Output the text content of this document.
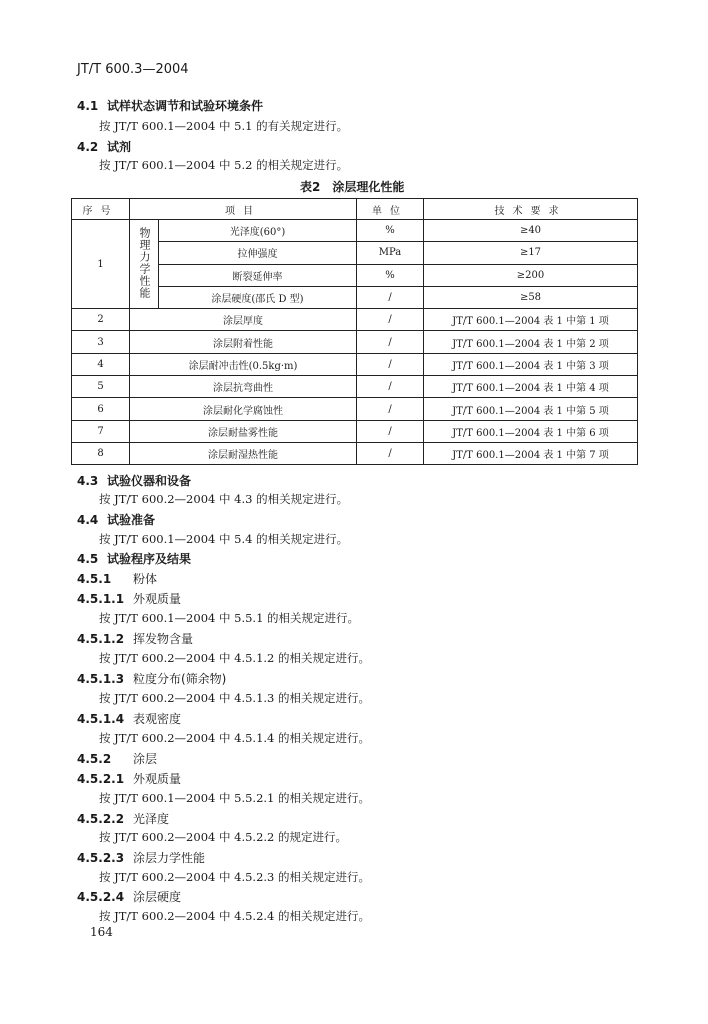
JT/T 600.3—2004
4.1 试样状态调节和试验环境条件
按 JT/T 600.1—2004 中 5.1 的有关规定进行。
4.2 试剂
按 JT/T 600.1—2004 中 5.2 的相关规定进行。
表2　涂层理化性能
序号	项目		单位	技术要求
1	物理力学性能	光泽度(60°)	%	≥40
		拉伸强度	MPa	≥17
		断裂延伸率	%	≥200
		涂层硬度(邵氏 D 型)	/	≥58
2	涂层厚度		/	JT/T 600.1—2004 表 1 中第 1 项
3	涂层附着性能		/	JT/T 600.1—2004 表 1 中第 2 项
4	涂层耐冲击性(0.5kg·m)		/	JT/T 600.1—2004 表 1 中第 3 项
5	涂层抗弯曲性		/	JT/T 600.1—2004 表 1 中第 4 项
6	涂层耐化学腐蚀性		/	JT/T 600.1—2004 表 1 中第 5 项
7	涂层耐盐雾性能		/	JT/T 600.1—2004 表 1 中第 6 项
8	涂层耐湿热性能		/	JT/T 600.1—2004 表 1 中第 7 项
4.3 试验仪器和设备
按 JT/T 600.2—2004 中 4.3 的相关规定进行。
4.4 试验准备
按 JT/T 600.1—2004 中 5.4 的相关规定进行。
4.5 试验程序及结果
4.5.1 粉体
4.5.1.1 外观质量
按 JT/T 600.1—2004 中 5.5.1 的相关规定进行。
4.5.1.2 挥发物含量
按 JT/T 600.2—2004 中 4.5.1.2 的相关规定进行。
4.5.1.3 粒度分布(筛余物)
按 JT/T 600.2—2004 中 4.5.1.3 的相关规定进行。
4.5.1.4 表观密度
按 JT/T 600.2—2004 中 4.5.1.4 的相关规定进行。
4.5.2 涂层
4.5.2.1 外观质量
按 JT/T 600.1—2004 中 5.5.2.1 的相关规定进行。
4.5.2.2 光泽度
按 JT/T 600.2—2004 中 4.5.2.2 的规定进行。
4.5.2.3 涂层力学性能
按 JT/T 600.2—2004 中 4.5.2.3 的相关规定进行。
4.5.2.4 涂层硬度
按 JT/T 600.2—2004 中 4.5.2.4 的相关规定进行。
164
